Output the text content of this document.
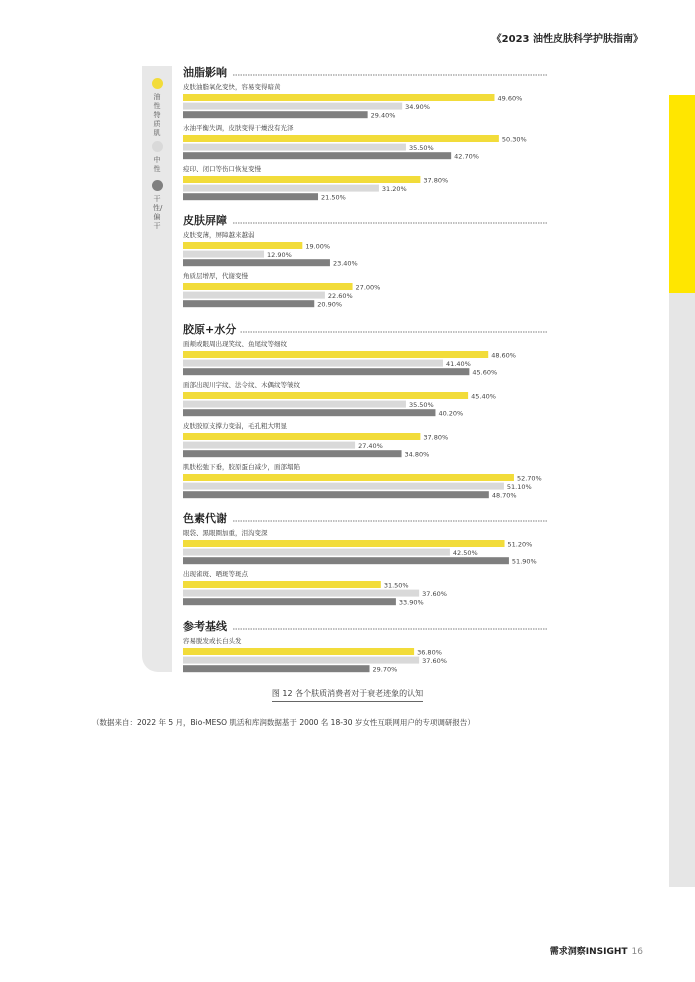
《2023 油性皮肤科学护肤指南》
油性特质肌
中性
干性/偏干
油脂影响
皮肤油脂氧化变快，容易变得暗黄
49.60%
34.90%
29.40%
水油平衡失调，皮肤变得干燥没有光泽
50.30%
35.50%
42.70%
痘印、闭口等伤口恢复变慢
37.80%
31.20%
21.50%
皮肤屏障
皮肤变薄，屏障越来越弱
19.00%
12.90%
23.40%
角质层增厚，代谢变慢
27.00%
22.60%
20.90%
胶原+水分
面颊或眼周出现笑纹、鱼尾纹等细纹
48.60%
41.40%
45.60%
面部出现川字纹、法令纹、木偶纹等皱纹
45.40%
35.50%
40.20%
皮肤胶原支撑力变弱，毛孔粗大明显
37.80%
27.40%
34.80%
肌肤松弛下垂，胶原蛋白减少，面部塌陷
52.70%
51.10%
48.70%
色素代谢
眼袋、黑眼圈加重，泪沟变深
51.20%
42.50%
51.90%
出现雀斑、晒斑等斑点
31.50%
37.60%
33.90%
参考基线
容易脱发或长白头发
36.80%
37.60%
29.70%
图 12 各个肤质消费者对于衰老迹象的认知
（数据来自：2022 年 5 月，Bio-MESO 肌活和库润数据基于 2000 名 18-30 岁女性互联网用户的专项调研报告）
需求洞察INSIGHT 16
